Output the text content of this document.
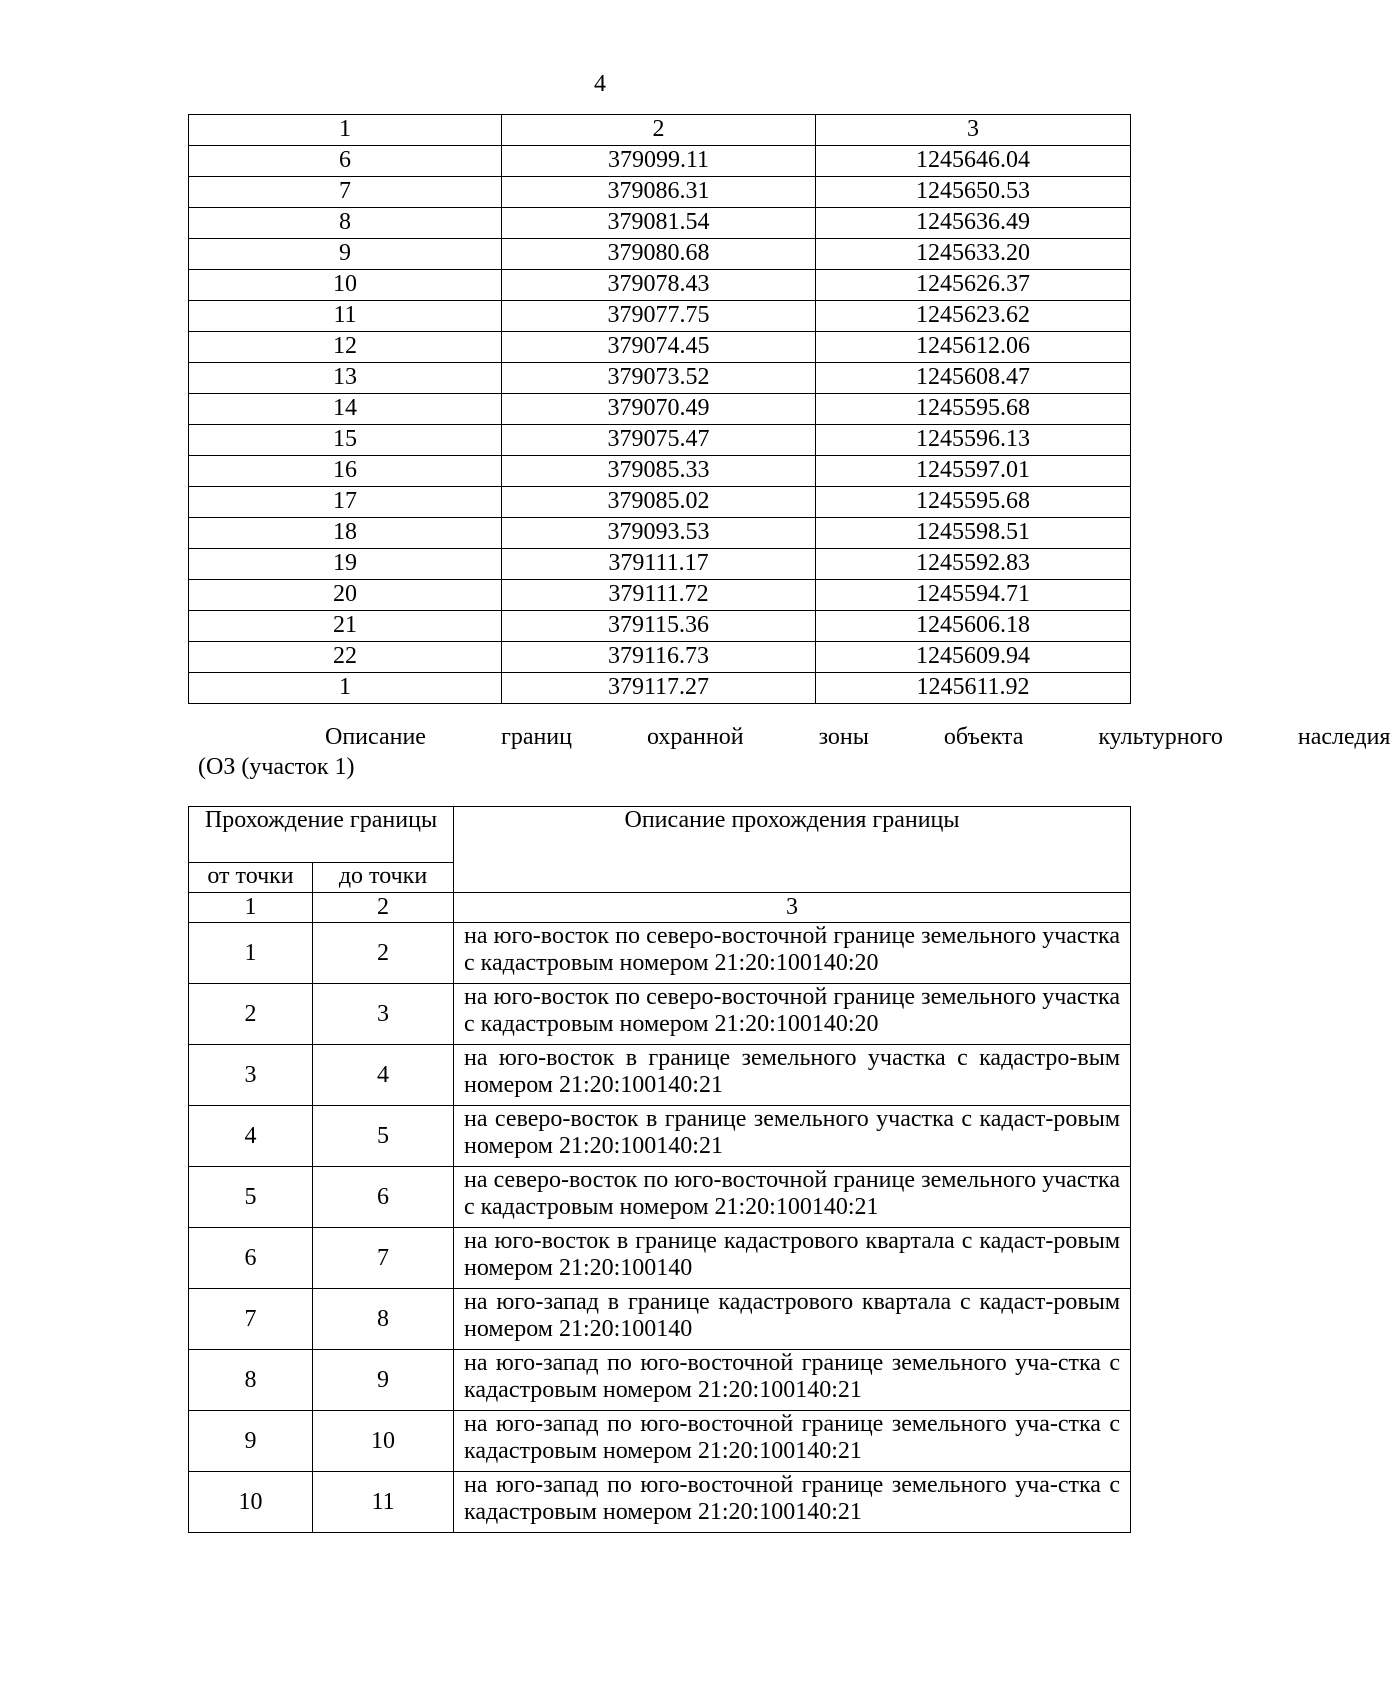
4
1	2	3
6	379099.11	1245646.04
7	379086.31	1245650.53
8	379081.54	1245636.49
9	379080.68	1245633.20
10	379078.43	1245626.37
11	379077.75	1245623.62
12	379074.45	1245612.06
13	379073.52	1245608.47
14	379070.49	1245595.68
15	379075.47	1245596.13
16	379085.33	1245597.01
17	379085.02	1245595.68
18	379093.53	1245598.51
19	379111.17	1245592.83
20	379111.72	1245594.71
21	379115.36	1245606.18
22	379116.73	1245609.94
1	379117.27	1245611.92
Описание	границ	охранной	зоны	объекта	культурного	наследия
(ОЗ (участок 1)
Прохождение границы		Описание прохождения границы
от точки	до точки	
1	2	3
1	2	на юго-восток по северо-восточной границе земельного участка с кадастровым номером 21:20:100140:20
2	3	на юго-восток по северо-восточной границе земельного участка с кадастровым номером 21:20:100140:20
3	4	на юго-восток в границе земельного участка с кадастро-вым номером 21:20:100140:21
4	5	на северо-восток в границе земельного участка с кадаст-ровым номером 21:20:100140:21
5	6	на северо-восток по юго-восточной границе земельного участка с кадастровым номером 21:20:100140:21
6	7	на юго-восток в границе кадастрового квартала с кадаст-ровым номером 21:20:100140
7	8	на юго-запад в границе кадастрового квартала с кадаст-ровым номером 21:20:100140
8	9	на юго-запад по юго-восточной границе земельного уча-стка с кадастровым номером 21:20:100140:21
9	10	на юго-запад по юго-восточной границе земельного уча-стка с кадастровым номером 21:20:100140:21
10	11	на юго-запад по юго-восточной границе земельного уча-стка с кадастровым номером 21:20:100140:21
